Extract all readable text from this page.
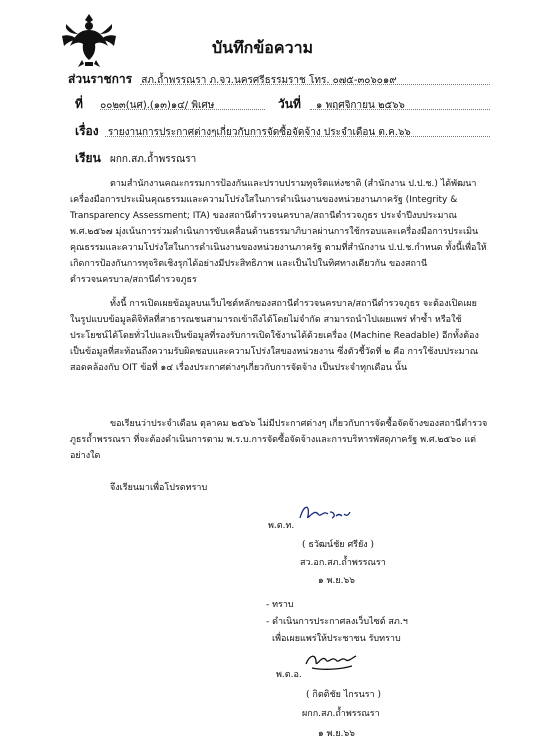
บันทึกข้อความ
ส่วนราชการ สภ.ถ้ำพรรณรา ภ.จว.นครศรีธรรมราช โทร. ๐๗๕-๓๐๖๐๑๙
ที่ ๐๐๒๓(นศ).(๑๓)๑๔/ พิเศษ	วันที่ ๑ พฤศจิกายน ๒๕๖๖
เรื่อง รายงานการประกาศต่างๆเกี่ยวกับการจัดซื้อจัดจ้าง ประจำเดือน ต.ค.๖๖
เรียน ผกก.สภ.ถ้ำพรรณรา
ตามสำนักงานคณะกรรมการป้องกันและปราบปรามทุจริตแห่งชาติ (สำนักงาน ป.ป.ช.) ได้พัฒนาเครื่องมือการประเมินคุณธรรมและความโปร่งใสในการดำเนินงานของหน่วยงานภาครัฐ (Integrity & Transparency Assessment; ITA) ของสถานีตำรวจนครบาล/สถานีตำรวจภูธร ประจำปีงบประมาณ พ.ศ.๒๕๖๗ มุ่งเน้นการร่วมดำเนินการขับเคลื่อนด้านธรรมาภิบาลผ่านการใช้กรอบและเครื่องมือการประเมินคุณธรรมและความโปร่งใสในการดำเนินงานของหน่วยงานภาครัฐ ตามที่สำนักงาน ป.ป.ช.กำหนด ทั้งนี้เพื่อให้เกิดการป้องกันการทุจริตเชิงรุกได้อย่างมีประสิทธิภาพ และเป็นไปในทิศทางเดียวกัน ของสถานีตำรวจนครบาล/สถานีตำรวจภูธร
ทั้งนี้ การเปิดเผยข้อมูลบนเว็บไซต์หลักของสถานีตำรวจนครบาล/สถานีตำรวจภูธร จะต้องเปิดเผย ในรูปแบบข้อมูลดิจิทัลที่สาธารณชนสามารถเข้าถึงได้โดยไม่จำกัด สามารถนำไปเผยแพร่ ทำซ้ำ หรือใช้ประโยชน์ได้โดยทั่วไปและเป็นข้อมูลที่รองรับการเปิดใช้งานได้ด้วยเครื่อง (Machine Readable) อีกทั้งต้องเป็นข้อมูลที่สะท้อนถึงความรับผิดชอบและความโปร่งใสของหน่วยงาน ซึ่งตัวชี้วัดที่ ๒ คือ การใช้งบประมาณ สอดคล้องกับ OIT ข้อที่ ๑๔ เรื่องประกาศต่างๆเกี่ยวกับการจัดจ้าง เป็นประจำทุกเดือน นั้น
ขอเรียนว่าประจำเดือน ตุลาคม ๒๕๖๖ ไม่มีประกาศต่างๆ เกี่ยวกับการจัดซื้อจัดจ้างของสถานีตำรวจภูธรถ้ำพรรณรา ที่จะต้องดำเนินการตาม พ.ร.บ.การจัดซื้อจัดจ้างและการบริหารพัสดุภาครัฐ พ.ศ.๒๕๖๐ แต่อย่างใด
จึงเรียนมาเพื่อโปรดทราบ
พ.ต.ท.
( ธวัฒน์ชัย ศรียัง )
สว.อก.สภ.ถ้ำพรรณรา
๑ พ.ย.๖๖
- ทราบ
- ดำเนินการประกาศลงเว็บไซต์ สภ.ฯ
เพื่อเผยแพร่ให้ประชาชน รับทราบ
พ.ต.อ.
( กิตติชัย ไกรนรา )
ผกก.สภ.ถ้ำพรรณรา
๑ พ.ย.๖๖
